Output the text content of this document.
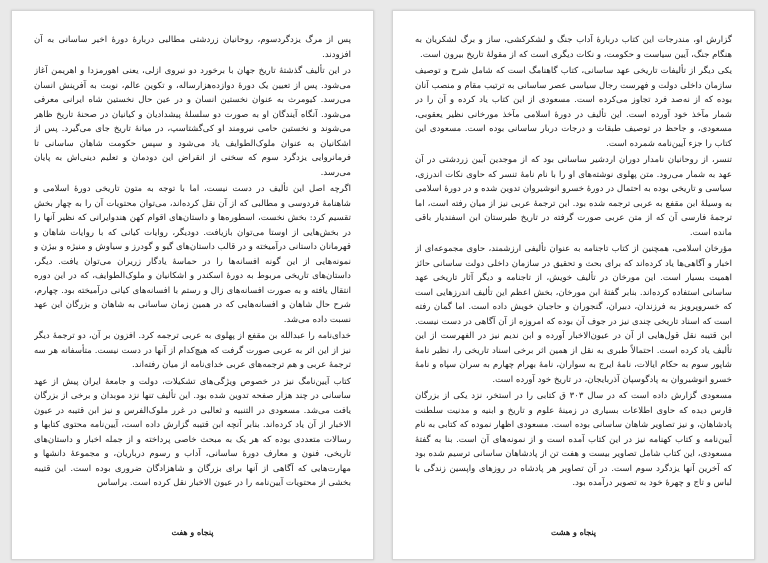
پس از مرگ یزدگردسوم، روحانیان زردشتی مطالبی دربارهٔ دورهٔ اخیر ساسانی به آن افزودند.

در این تألیف گذشتهٔ تاریخ جهان با برخورد دو نیروی ازلی، یعنی اهورمزدا و اهریمن آغاز می‌شود. پس از تعیین یک دورهٔ دوازده‌هزارساله، و تکوین عالم، نوبت به آفرینش انسان می‌رسد. کیومرث به عنوان نخستین انسان و در عین حال نخستین شاه ایرانی معرفی می‌شود. آنگاه آیندگان او به صورت دو سلسلهٔ پیشدادیان و کیانیان در صحنهٔ تاریخ ظاهر می‌شوند و نخستین حامی نیرومند او کی‌گشتاسپ، در میانهٔ تاریخ جای می‌گیرد. پس از اشکانیان به عنوان ملوک‌الطوایف یاد می‌شود و سپس حکومت شاهان ساسانی تا فرمانروایی یزدگرد سوم که سخنی از انقراض این دودمان و تعلیم دینی‌اش به پایان می‌رسد.

اگرچه اصل این تألیف در دست نیست، اما با توجه به متون تاریخی دورهٔ اسلامی و شاهنامهٔ فردوسی و مطالبی که از آن نقل کرده‌اند، می‌توان محتویات آن را به چهار بخش تقسیم کرد: بخش نخست، اسطوره‌ها و داستان‌های اقوام کهن هندوایرانی که نظیر آنها را در بخش‌هایی از اوستا می‌توان بازیافت. دودیگر، روایات کیانی که با روایات شاهان و قهرمانان داستانی درآمیخته و در قالب داستان‌های گیو و گودرز و سیاوش و منیژه و بیژن و نمونه‌هایی از این گونه افسانه‌ها را در حماسهٔ یادگار زریران می‌توان یافت. دیگر، داستان‌های تاریخی مربوط به دورهٔ اسکندر و اشکانیان و ملوک‌الطوایف، که در این دوره انتقال یافته و به صورت افسانه‌های زال و رستم با افسانه‌های کیانی درآمیخته بود. چهارم، شرح حال شاهان و افسانه‌هایی که در همین زمان ساسانی به شاهان و بزرگان این عهد نسبت داده می‌شد.

خدای‌نامه را عبدالله بن مقفع از پهلوی به عربی ترجمه کرد. افزون بر آن، دو ترجمهٔ دیگر نیز از این اثر به عربی صورت گرفت که هیچ‌کدام از آنها در دست نیست. متأسفانه هر سه ترجمهٔ عربی و هم ترجمه‌های عربی خدای‌نامه از میان رفته‌اند.

کتاب آیین‌نامگ نیز در خصوص ویژگی‌های تشکیلات، دولت و جامعهٔ ایران پیش از عهد ساسانی در چند هزار صفحه تدوین شده بود. این تألیف تنها نزد موبدان و برخی از بزرگان یافت می‌شد. مسعودی در التنبیه و ثعالبی در غرر ملوک‌الفرس و نیز ابن قتیبه در عیون الاخبار از آن یاد کرده‌اند. بنابر آنچه ابن قتیبه گزارش داده است، آیین‌نامه محتوی کتابها و رسالات متعددی بوده که هر یک به مبحث خاصی پرداخته و از جمله اخبار و داستان‌های تاریخی، فنون و معارف دورهٔ ساسانی، آداب و رسوم درباریان، و مجموعهٔ دانشها و مهارت‌هایی که آگاهی از آنها برای بزرگان و شاهزادگان ضروری بوده است. این قتیبه بخشی از محتویات آیین‌نامه را در عیون الاخبار نقل کرده است. براساس

پنجاه و هفت

گزارش او، مندرجات این کتاب دربارهٔ آداب جنگ و لشکرکشی، ساز و برگ لشکریان به هنگام جنگ، آیین سیاست و حکومت، و نکات دیگری است که از مقولهٔ تاریخ بیرون است.

یکی دیگر از تألیفات تاریخی عهد ساسانی، کتاب گاهنامگ است که شامل شرح و توصیف سازمان داخلی دولت و فهرست رجال سیاسی عصر ساسانی به ترتیب مقام و منصب آنان بوده که از نه‌صد فرد تجاوز می‌کرده است. مسعودی از این کتاب یاد کرده و آن را در شمار مآخذ خود آورده است. این تألیف در دورهٔ اسلامی مآخذ مورخانی نظیر یعقوبی، مسعودی، و جاحظ در توصیف طبقات و درجات دربار ساسانی بوده است. مسعودی این کتاب را جزء آیین‌نامه شمرده است.

تنسر، از روحانیان نامدار دوران اردشیر ساسانی بود که از موجدین آیین زردشتی در آن عهد به شمار می‌رود. متن پهلوی نوشته‌های او را با نام نامهٔ تنسر که حاوی نکات اندرزی، سیاسی و تاریخی بوده به احتمال در دورهٔ خسرو انوشیروان تدوین شده و در دورهٔ اسلامی به وسیلهٔ ابن مقفع به عربی ترجمه شده بود. این ترجمهٔ عربی نیز از میان رفته است، اما ترجمهٔ فارسی آن که از متن عربی صورت گرفته در تاریخ طبرستان ابن اسفندیار باقی مانده است.

مؤرخان اسلامی، همچنین از کتاب تاجنامه به عنوان تألیفی ارزشمند، حاوی مجموعه‌ای از اخبار و آگاهی‌ها یاد کرده‌اند که برای بحث و تحقیق در سازمان داخلی دولت ساسانی حائز اهمیت بسیار است. این مورخان در تألیف خویش، از تاجنامه و دیگر آثار تاریخی عهد ساسانی استفاده کرده‌اند. بنابر گفتهٔ ابن مورخان، بخش اعظم این تألیف اندرزهایی است که خسروپرویز به فرزندان، دبیران، گنجوران و حاجبان خویش داده است. اما گمان رفته است که اسناد تاریخی چندی نیز در جوف آن بوده که امروزه از آن آگاهی در دست نیست. ابن قتیبه نقل قول‌هایی از آن در عیون‌الاخبار آورده و ابن ندیم نیز در الفهرست از این تألیف یاد کرده است. احتمالاً طبری به نقل از همین اثر برخی اسناد تاریخی را، نظیر نامهٔ شاپور سوم به حکام ایالات، نامهٔ ایرج به سواران، نامهٔ بهرام چهارم به سران سپاه و نامهٔ خسرو انوشیروان به پادگوسپان آذربایجان، در تاریخ خود آورده است.

مسعودی گزارش داده است که در سال ۳۰۳ ق کتابی را در استخر، نزد یکی از بزرگان فارس دیده که حاوی اطلاعات بسیاری در زمینهٔ علوم و تاریخ و ابنیه و مدنیت سلطنت پادشاهان، و نیز تصاویر شاهان ساسانی بوده است. مسعودی اظهار نموده که کتابی به نام آیین‌نامه و کتاب کهنامه نیز در این کتاب آمده است و از نمونه‌های آن است. بنا به گفتهٔ مسعودی، این کتاب شامل تصاویر بیست و هفت تن از پادشاهان ساسانی ترسیم شده بود که آخرین آنها یزدگرد سوم است. در آن تصاویر هر پادشاه در روزهای واپسین زندگی با لباس و تاج و چهرهٔ خود به تصویر درآمده بود.

پنجاه و هشت
